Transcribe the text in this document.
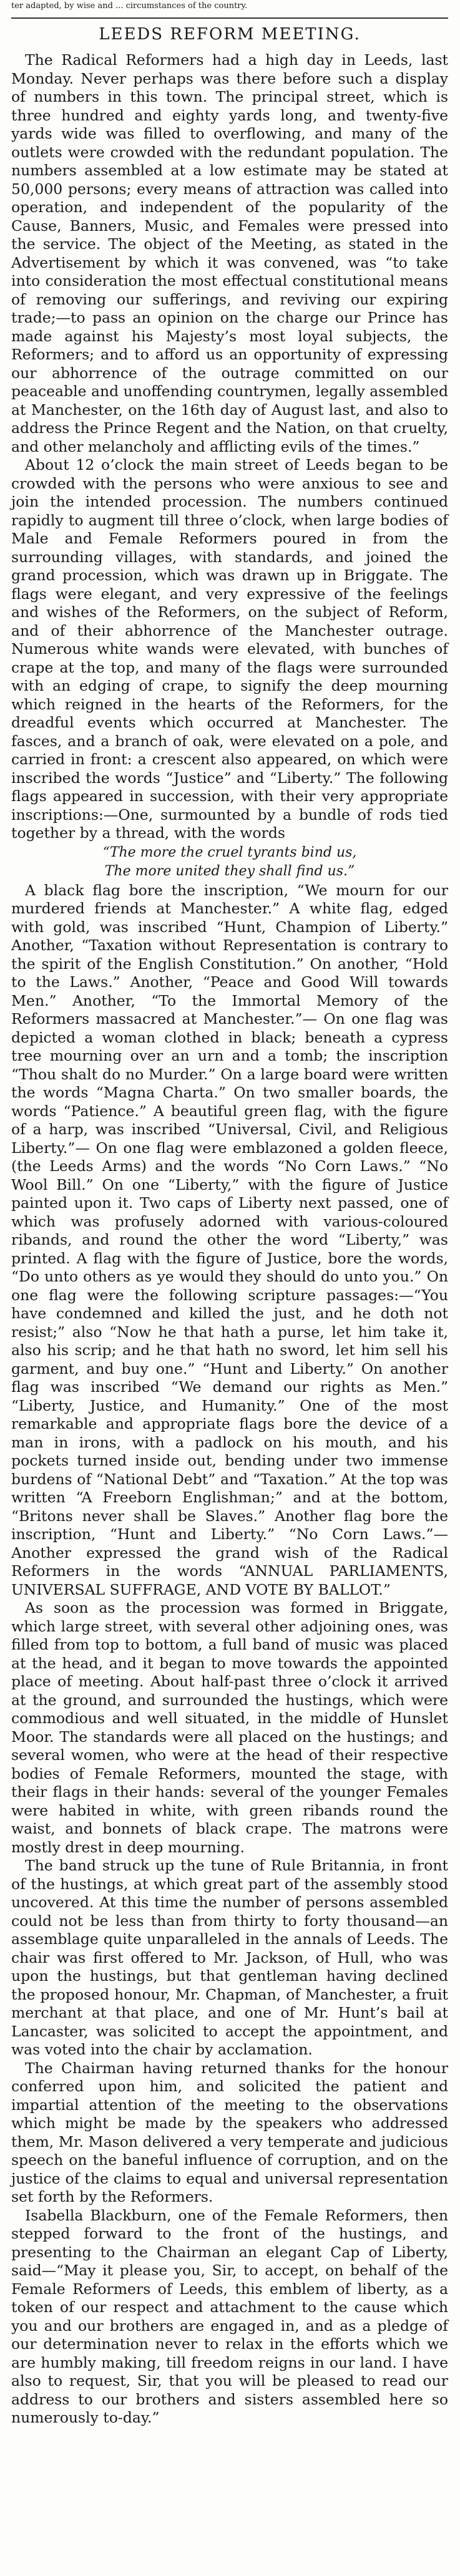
ter adapted, by wise and ... circumstances of the country.

LEEDS REFORM MEETING.

The Radical Reformers had a high day in Leeds, last Monday. Never perhaps was there before such a display of numbers in this town. The principal street, which is three hundred and eighty yards long, and twenty-five yards wide was filled to overflowing, and many of the outlets were crowded with the redundant population. The numbers assembled at a low estimate may be stated at 50,000 persons; every means of attraction was called into operation, and independent of the popularity of the Cause, Banners, Music, and Females were pressed into the service. The object of the Meeting, as stated in the Advertisement by which it was convened, was “to take into consideration the most effectual constitutional means of removing our sufferings, and reviving our expiring trade;—to pass an opinion on the charge our Prince has made against his Majesty’s most loyal subjects, the Reformers; and to afford us an opportunity of expressing our abhorrence of the outrage committed on our peaceable and unoffending countrymen, legally assembled at Manchester, on the 16th day of August last, and also to address the Prince Regent and the Nation, on that cruelty, and other melancholy and afflicting evils of the times.”

About 12 o’clock the main street of Leeds began to be crowded with the persons who were anxious to see and join the intended procession. The numbers continued rapidly to augment till three o’clock, when large bodies of Male and Female Reformers poured in from the surrounding villages, with standards, and joined the grand procession, which was drawn up in Briggate. The flags were elegant, and very expressive of the feelings and wishes of the Reformers, on the subject of Reform, and of their abhorrence of the Manchester outrage. Numerous white wands were elevated, with bunches of crape at the top, and many of the flags were surrounded with an edging of crape, to signify the deep mourning which reigned in the hearts of the Reformers, for the dreadful events which occurred at Manchester. The fasces, and a branch of oak, were elevated on a pole, and carried in front: a crescent also appeared, on which were inscribed the words “Justice” and “Liberty.” The following flags appeared in succession, with their very appropriate inscriptions:—One, surmounted by a bundle of rods tied together by a thread, with the words

“The more the cruel tyrants bind us,

The more united they shall find us.”

A black flag bore the inscription, “We mourn for our murdered friends at Manchester.” A white flag, edged with gold, was inscribed “Hunt, Champion of Liberty.” Another, “Taxation without Representation is contrary to the spirit of the English Constitution.” On another, “Hold to the Laws.” Another, “Peace and Good Will towards Men.” Another, “To the Immortal Memory of the Reformers massacred at Manchester.”— On one flag was depicted a woman clothed in black; beneath a cypress tree mourning over an urn and a tomb; the inscription “Thou shalt do no Murder.” On a large board were written the words “Magna Charta.” On two smaller boards, the words “Patience.” A beautiful green flag, with the figure of a harp, was inscribed “Universal, Civil, and Religious Liberty.”— On one flag were emblazoned a golden fleece, (the Leeds Arms) and the words “No Corn Laws.” “No Wool Bill.” On one “Liberty,” with the figure of Justice painted upon it. Two caps of Liberty next passed, one of which was profusely adorned with various-coloured ribands, and round the other the word “Liberty,” was printed. A flag with the figure of Justice, bore the words, “Do unto others as ye would they should do unto you.” On one flag were the following scripture passages:—“You have condemned and killed the just, and he doth not resist;” also “Now he that hath a purse, let him take it, also his scrip; and he that hath no sword, let him sell his garment, and buy one.” “Hunt and Liberty.” On another flag was inscribed “We demand our rights as Men.” “Liberty, Justice, and Humanity.” One of the most remarkable and appropriate flags bore the device of a man in irons, with a padlock on his mouth, and his pockets turned inside out, bending under two immense burdens of “National Debt” and “Taxation.” At the top was written “A Freeborn Englishman;” and at the bottom, “Britons never shall be Slaves.” Another flag bore the inscription, “Hunt and Liberty.” “No Corn Laws.”— Another expressed the grand wish of the Radical Reformers in the words “ANNUAL PARLIAMENTS, UNIVERSAL SUFFRAGE, AND VOTE BY BALLOT.”

As soon as the procession was formed in Briggate, which large street, with several other adjoining ones, was filled from top to bottom, a full band of music was placed at the head, and it began to move towards the appointed place of meeting. About half-past three o’clock it arrived at the ground, and surrounded the hustings, which were commodious and well situated, in the middle of Hunslet Moor. The standards were all placed on the hustings; and several women, who were at the head of their respective bodies of Female Reformers, mounted the stage, with their flags in their hands: several of the younger Females were habited in white, with green ribands round the waist, and bonnets of black crape. The matrons were mostly drest in deep mourning.

The band struck up the tune of Rule Britannia, in front of the hustings, at which great part of the assembly stood uncovered. At this time the number of persons assembled could not be less than from thirty to forty thousand—an assemblage quite unparalleled in the annals of Leeds. The chair was first offered to Mr. Jackson, of Hull, who was upon the hustings, but that gentleman having declined the proposed honour, Mr. Chapman, of Manchester, a fruit merchant at that place, and one of Mr. Hunt’s bail at Lancaster, was solicited to accept the appointment, and was voted into the chair by acclamation.

The Chairman having returned thanks for the honour conferred upon him, and solicited the patient and impartial attention of the meeting to the observations which might be made by the speakers who addressed them, Mr. Mason delivered a very temperate and judicious speech on the baneful influence of corruption, and on the justice of the claims to equal and universal representation set forth by the Reformers.

Isabella Blackburn, one of the Female Reformers, then stepped forward to the front of the hustings, and presenting to the Chairman an elegant Cap of Liberty, said—“May it please you, Sir, to accept, on behalf of the Female Reformers of Leeds, this emblem of liberty, as a token of our respect and attachment to the cause which you and our brothers are engaged in, and as a pledge of our determination never to relax in the efforts which we are humbly making, till freedom reigns in our land. I have also to request, Sir, that you will be pleased to read our address to our brothers and sisters assembled here so numerously to-day.”
